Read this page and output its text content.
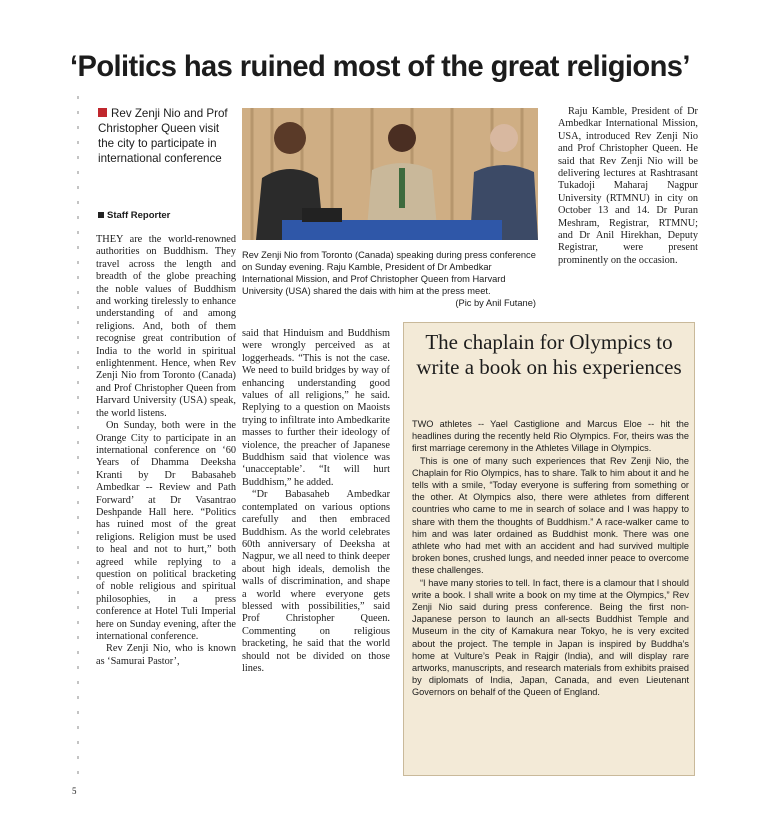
‘Politics has ruined most of the great religions’
Rev Zenji Nio and Prof Christopher Queen visit the city to participate in international conference
Staff Reporter
Rev Zenji Nio from Toronto (Canada) speaking during press conference on Sunday evening. Raju Kamble, President of Dr Ambedkar International Mission, and Prof Christopher Queen from Harvard University (USA) shared the dais with him at the press meet.
(Pic by Anil Futane)

THEY are the world-renowned authorities on Buddhism. They travel across the length and breadth of the globe preaching the noble values of Buddhism and working tirelessly to enhance understanding of and among religions. And, both of them recognise great contribution of India to the world in spiritual enlightenment. Hence, when Rev Zenji Nio from Toronto (Canada) and Prof Christopher Queen from Harvard University (USA) speak, the world listens.

On Sunday, both were in the Orange City to participate in an international conference on ‘60 Years of Dhamma Deeksha Kranti by Dr Babasaheb Ambedkar -- Review and Path Forward’ at Dr Vasantrao Deshpande Hall here. “Politics has ruined most of the great religions. Religion must be used to heal and not to hurt,” both agreed while replying to a question on political bracketing of noble religious and spiritual philosophies, in a press conference at Hotel Tuli Imperial here on Sunday evening, after the international conference.

Rev Zenji Nio, who is known as ‘Samurai Pastor’,

said that Hinduism and Buddhism were wrongly perceived as at loggerheads. “This is not the case. We need to build bridges by way of enhancing understanding good values of all religions,” he said. Replying to a question on Maoists trying to infiltrate into Ambedkarite masses to further their ideology of violence, the preacher of Japanese Buddhism said that violence was ‘unacceptable’. “It will hurt Buddhism,” he added.

“Dr Babasaheb Ambedkar contemplated on various options carefully and then embraced Buddhism. As the world celebrates 60th anniversary of Deeksha at Nagpur, we all need to think deeper about high ideals, demolish the walls of discrimination, and shape a world where everyone gets blessed with possibilities,” said Prof Christopher Queen. Commenting on religious bracketing, he said that the world should not be divided on those lines.

Raju Kamble, President of Dr Ambedkar International Mission, USA, introduced Rev Zenji Nio and Prof Christopher Queen. He said that Rev Zenji Nio will be delivering lectures at Rashtrasant Tukadoji Maharaj Nagpur University (RTMNU) in city on October 13 and 14. Dr Puran Meshram, Registrar, RTMNU; and Dr Anil Hirekhan, Deputy Registrar, were present prominently on the occasion.

The chaplain for Olympics to write a book on his experiences

TWO athletes -- Yael Castiglione and Marcus Eloe -- hit the headlines during the recently held Rio Olympics. For, theirs was the first marriage ceremony in the Athletes Village in Olympics.

This is one of many such experiences that Rev Zenji Nio, the Chaplain for Rio Olympics, has to share. Talk to him about it and he tells with a smile, “Today everyone is suffering from something or the other. At Olympics also, there were athletes from different countries who came to me in search of solace and I was happy to share with them the thoughts of Buddhism.” A race-walker came to him and was later ordained as Buddhist monk. There was one athlete who had met with an accident and had survived multiple broken bones, crushed lungs, and needed inner peace to overcome these challenges.

“I have many stories to tell. In fact, there is a clamour that I should write a book. I shall write a book on my time at the Olympics,” Rev Zenji Nio said during press conference. Being the first non-Japanese person to launch an all-sects Buddhist Temple and Museum in the city of Kamakura near Tokyo, he is very excited about the project. The temple in Japan is inspired by Buddha’s home at Vulture’s Peak in Rajgir (India), and will display rare artworks, manuscripts, and research materials from exhibits praised by diplomats of India, Japan, Canada, and even Lieutenant Governors on behalf of the Queen of England.

5
